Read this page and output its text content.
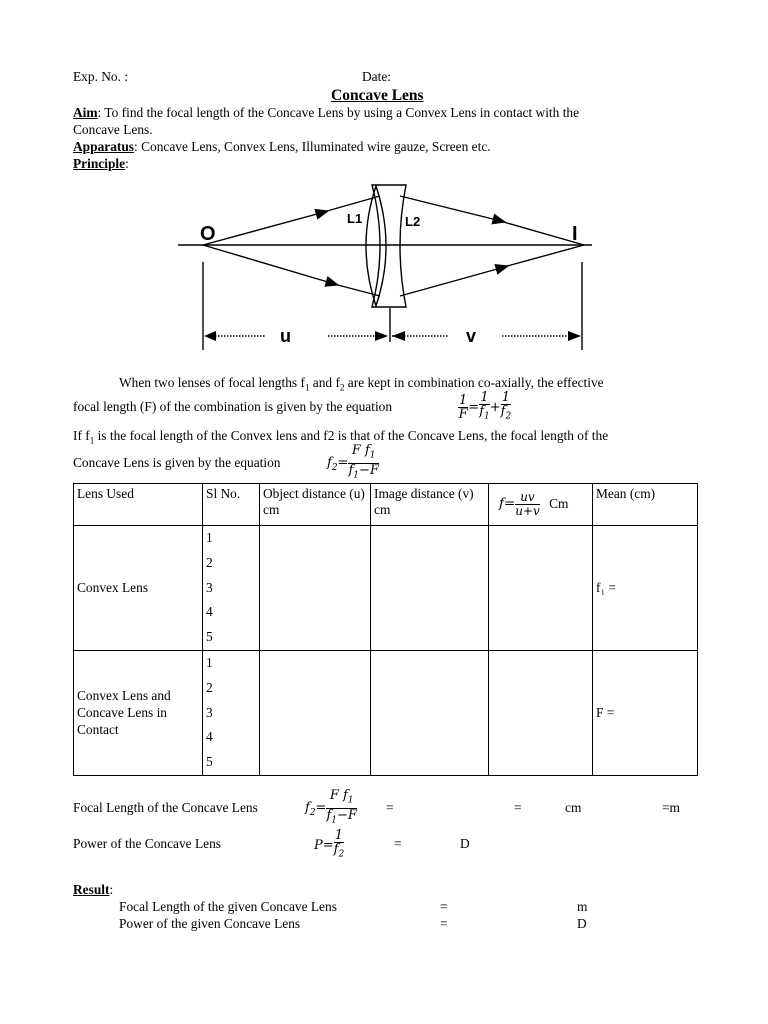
Exp. No. :	Date:
Concave Lens
Aim: To find the focal length of the Concave Lens by using a Convex Lens in contact with the
Concave Lens.
Apparatus: Concave Lens, Convex Lens, Illuminated wire gauze, Screen etc.
Principle:
O	I
L1	L2
u	v
When two lenses of focal lengths $f_1$ and $f_2$ are kept in combination co-axially, the effective
focal length (F) of the combination is given by the equation	$\frac{1}{F} = \frac{1}{f_1} + \frac{1}{f_2}$
If $f_1$ is the focal length of the Convex lens and f2 is that of the Concave Lens, the focal length of the
Concave Lens is given by the equation	$f_2= \frac{F f_1}{f_1-F}$
Lens Used	Sl No.	Object distance (u) cm	Image distance (v) cm	$f= \frac{uv}{u+v}$ Cm	Mean (cm)
Convex Lens	1
2
3
4
5				f₁ =
Convex Lens and Concave Lens in Contact	1
2
3
4
5				F =
Focal Length of the Concave Lens	$f_2= \frac{F f_1}{f_1-F}$ =	=	cm	=m
Power of the Concave Lens	$P= \frac{1}{f_2}$	=	D
Result:
Focal Length of the given Concave Lens	=	m
Power of the given Concave Lens	=	D
